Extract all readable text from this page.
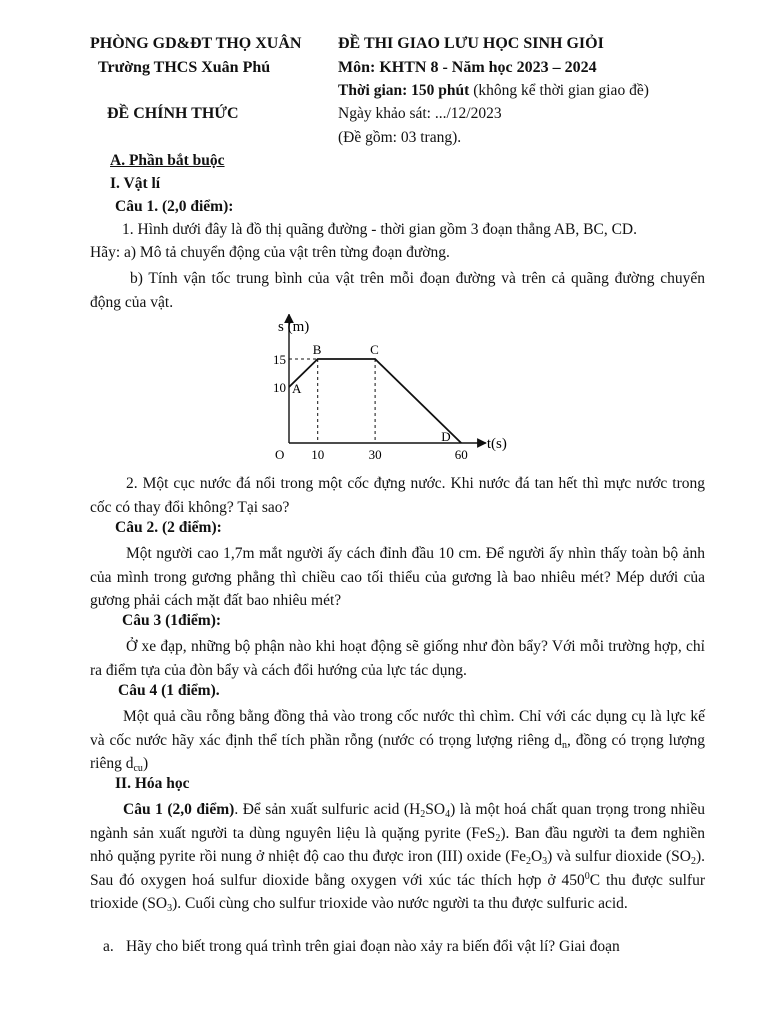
PHÒNG GD&ĐT THỌ XUÂN
Trường THCS Xuân Phú
ĐỀ CHÍNH THỨC
ĐỀ THI GIAO LƯU HỌC SINH GIỎI
Môn: KHTN 8 - Năm học 2023 – 2024
Thời gian: 150 phút (không kể thời gian giao đề)
Ngày khảo sát: .../12/2023
(Đề gồm: 03 trang).
A. Phần bắt buộc
I. Vật lí
Câu 1. (2,0 điểm):
1. Hình dưới đây là đồ thị quãng đường - thời gian gồm 3 đoạn thẳng AB, BC, CD.
Hãy: a) Mô tả chuyển động của vật trên từng đoạn đường.
b) Tính vận tốc trung bình của vật trên mỗi đoạn đường và trên cả quãng đường chuyển động của vật.
10	30	60
10
15
A
B	C
D
s (m)
t(s)
O
2. Một cục nước đá nổi trong một cốc đựng nước. Khi nước đá tan hết thì mực nước trong cốc có thay đổi không? Tại sao?
Câu 2. (2 điểm):
Một người cao 1,7m mắt người ấy cách đỉnh đầu 10 cm. Để người ấy nhìn thấy toàn bộ ảnh của mình trong gương phẳng thì chiều cao tối thiểu của gương là bao nhiêu mét? Mép dưới của gương phải cách mặt đất bao nhiêu mét?
Câu 3 (1điểm):
Ở xe đạp, những bộ phận nào khi hoạt động sẽ giống như đòn bẩy? Với mỗi trường hợp, chỉ ra điểm tựa của đòn bẩy và cách đổi hướng của lực tác dụng.
Câu 4 (1 điểm).
Một quả cầu rỗng bằng đồng thả vào trong cốc nước thì chìm. Chỉ với các dụng cụ là lực kế và cốc nước hãy xác định thể tích phần rỗng (nước có trọng lượng riêng $d_n$, đồng có trọng lượng riêng $d_{cu}$)
II. Hóa học
Câu 1 (2,0 điểm). Để sản xuất sulfuric acid $(H_2SO_4)$ là một hoá chất quan trọng trong nhiều ngành sản xuất người ta dùng nguyên liệu là quặng pyrite (FeS$_2$). Ban đầu người ta đem nghiền nhỏ quặng pyrite rồi nung ở nhiệt độ cao thu được iron (III) oxide $(Fe_2O_3)$ và sulfur dioxide $(SO_2)$. Sau đó oxygen hoá sulfur dioxide bằng oxygen với xúc tác thích hợp ở $450^0C$ thu được sulfur trioxide $(SO_3)$. Cuối cùng cho sulfur trioxide vào nước người ta thu được sulfuric acid.
a. Hãy cho biết trong quá trình trên giai đoạn nào xảy ra biến đổi vật lí? Giai đoạn
